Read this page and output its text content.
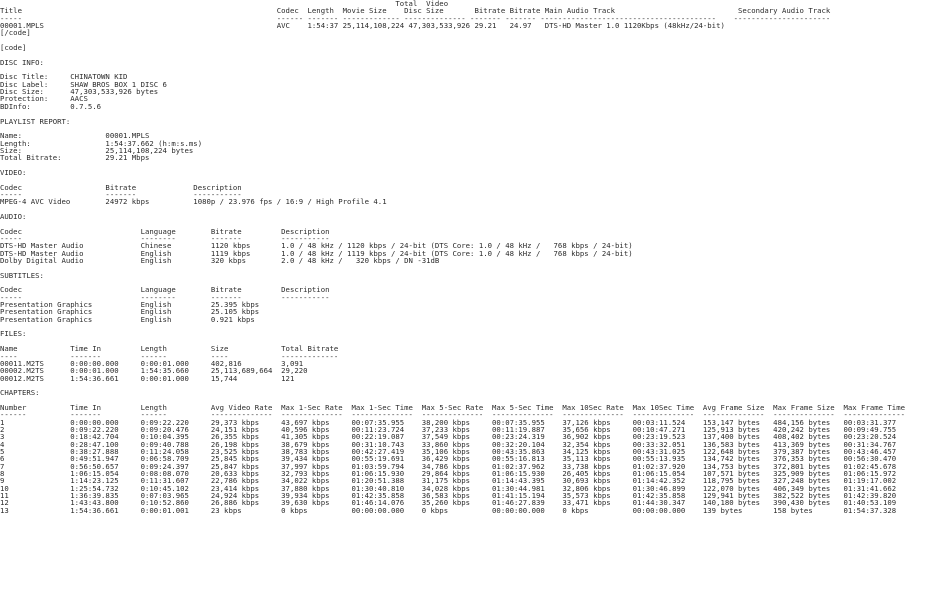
Total  Video
Title                                                          Codec  Length  Movie Size    Disc Size       Bitrate Bitrate Main Audio Track                            Secondary Audio Track
-----                                                          ------ ------- ------------- -------------- ------- ------- ----------------------------------------    ----------------------
00001.MPLS                                                     AVC    1:54:37 25,114,108,224 47,303,533,926 29.21   24.97   DTS-HD Master 1.0 1120Kbps (48kHz/24-bit)
[/code]

[code]

DISC INFO:

Disc Title:     CHINATOWN KID
Disc Label:     SHAW BROS BOX 1 DISC 6
Disc Size:      47,303,533,926 bytes
Protection:     AACS
BDInfo:         0.7.5.6

PLAYLIST REPORT:

Name:                   00001.MPLS
Length:                 1:54:37.662 (h:m:s.ms)
Size:                   25,114,108,224 bytes
Total Bitrate:          29.21 Mbps

VIDEO:

Codec                   Bitrate             Description
-----                   -------             -----------
MPEG-4 AVC Video        24972 kbps          1080p / 23.976 fps / 16:9 / High Profile 4.1

AUDIO:

Codec                           Language        Bitrate         Description
-----                           --------        -------         -----------
DTS-HD Master Audio             Chinese         1120 kbps       1.0 / 48 kHz / 1120 kbps / 24-bit (DTS Core: 1.0 / 48 kHz /   768 kbps / 24-bit)
DTS-HD Master Audio             English         1119 kbps       1.0 / 48 kHz / 1119 kbps / 24-bit (DTS Core: 1.0 / 48 kHz /   768 kbps / 24-bit)
Dolby Digital Audio             English         320 kbps        2.0 / 48 kHz /   320 kbps / DN -31dB

SUBTITLES:

Codec                           Language        Bitrate         Description
-----                           --------        -------         -----------
Presentation Graphics           English         25.395 kbps
Presentation Graphics           English         25.105 kbps
Presentation Graphics           English         0.921 kbps

FILES:

Name            Time In         Length          Size            Total Bitrate
----            -------         ------          ----            -------------
00011.M2TS      0:00:00.000     0:00:01.000     402,816         3,091
00002.M2TS      0:00:01.000     1:54:35.660     25,113,689,664  29,220
00012.M2TS      1:54:36.661     0:00:01.000     15,744          121

CHAPTERS:

Number          Time In         Length          Avg Video Rate  Max 1-Sec Rate  Max 1-Sec Time  Max 5-Sec Rate  Max 5-Sec Time  Max 10Sec Rate  Max 10Sec Time  Avg Frame Size  Max Frame Size  Max Frame Time
------          -------         ------          --------------  --------------  --------------  --------------  --------------  --------------  --------------  --------------  --------------  --------------
1               0:00:00.000     0:09:22.220     29,373 kbps     43,697 kbps     00:07:35.955    38,200 kbps     00:07:35.955    37,126 kbps     00:03:11.524    153,147 bytes   484,156 bytes   00:03:31.377
2               0:09:22.220     0:09:20.476     24,151 kbps     40,596 kbps     00:11:23.724    37,233 kbps     00:11:19.887    35,656 kbps     00:10:47.271    125,913 bytes   420,242 bytes   00:09:49.755
3               0:18:42.704     0:10:04.395     26,355 kbps     41,305 kbps     00:22:19.087    37,549 kbps     00:23:24.319    36,902 kbps     00:23:19.523    137,400 bytes   408,402 bytes   00:23:20.524
4               0:28:47.100     0:09:40.788     26,198 kbps     38,679 kbps     00:31:10.743    33,860 kbps     00:32:20.104    32,354 kbps     00:33:32.051    136,583 bytes   413,369 bytes   00:31:34.767
5               0:38:27.888     0:11:24.058     23,525 kbps     38,783 kbps     00:42:27.419    35,106 kbps     00:43:35.863    34,125 kbps     00:43:31.025    122,648 bytes   379,387 bytes   00:43:46.457
6               0:49:51.947     0:06:58.709     25,845 kbps     39,434 kbps     00:55:19.691    36,429 kbps     00:55:16.813    35,113 kbps     00:55:13.935    134,742 bytes   376,353 bytes   00:56:30.470
7               0:56:50.657     0:09:24.397     25,847 kbps     37,997 kbps     01:03:59.794    34,786 kbps     01:02:37.962    33,738 kbps     01:02:37.920    134,753 bytes   372,801 bytes   01:02:45.678
8               1:06:15.054     0:08:08.070     20,633 kbps     32,793 kbps     01:06:15.930    29,864 kbps     01:06:15.930    26,405 kbps     01:06:15.054    107,571 bytes   325,909 bytes   01:06:15.972
9               1:14:23.125     0:11:31.607     22,786 kbps     34,022 kbps     01:20:51.388    31,175 kbps     01:14:43.395    30,693 kbps     01:14:42.352    118,795 bytes   327,248 bytes   01:19:17.002
10              1:25:54.732     0:10:45.102     23,414 kbps     37,880 kbps     01:30:40.810    34,028 kbps     01:30:44.981    32,806 kbps     01:30:46.899    122,070 bytes   406,349 bytes   01:31:41.662
11              1:36:39.835     0:07:03.965     24,924 kbps     39,934 kbps     01:42:35.858    36,583 kbps     01:41:15.194    35,573 kbps     01:42:35.858    129,941 bytes   382,522 bytes   01:42:39.820
12              1:43:43.800     0:10:52.860     26,886 kbps     39,630 kbps     01:46:14.076    35,260 kbps     01:46:27.839    33,471 kbps     01:44:30.347    140,180 bytes   390,430 bytes   01:40:53.109
13              1:54:36.661     0:00:01.001     23 kbps         0 kbps          00:00:00.000    0 kbps          00:00:00.000    0 kbps          00:00:00.000    139 bytes       158 bytes       01:54:37.328
